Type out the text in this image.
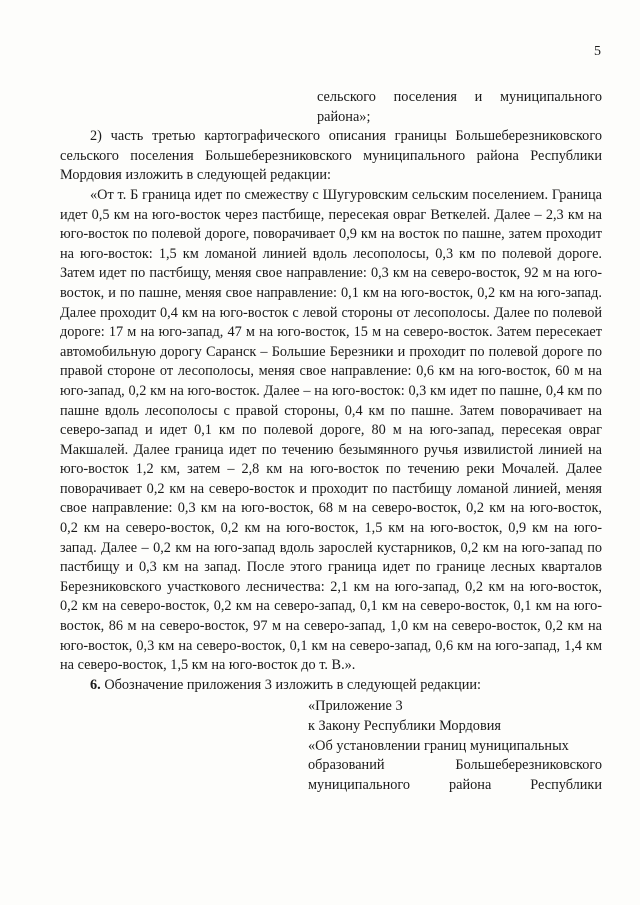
5
сельского поселения и муниципального
района»;
2) часть третью картографического описания границы Большеберезниковского сельского поселения Большеберезниковского муниципального района Республики Мордовия изложить в следующей редакции:
«От т. Б граница идет по смежеству с Шугуровским сельским поселением. Граница идет 0,5 км на юго-восток через пастбище, пересекая овраг Веткелей. Далее – 2,3 км на юго-восток по полевой дороге, поворачивает 0,9 км на восток по пашне, затем проходит на юго-восток: 1,5 км ломаной линией вдоль лесополосы, 0,3 км по полевой дороге. Затем идет по пастбищу, меняя свое направление: 0,3 км на северо-восток, 92 м на юго-восток, и по пашне, меняя свое направление: 0,1 км на юго-восток, 0,2 км на юго-запад. Далее проходит 0,4 км на юго-восток с левой стороны от лесополосы. Далее по полевой дороге: 17 м на юго-запад, 47 м на юго-восток, 15 м на северо-восток. Затем пересекает автомобильную дорогу Саранск – Большие Березники и проходит по полевой дороге по правой стороне от лесополосы, меняя свое направление: 0,6 км на юго-восток, 60 м на юго-запад, 0,2 км на юго-восток. Далее – на юго-восток: 0,3 км идет по пашне, 0,4 км по пашне вдоль лесополосы с правой стороны, 0,4 км по пашне. Затем поворачивает на северо-запад и идет 0,1 км по полевой дороге, 80 м на юго-запад, пересекая овраг Макшалей. Далее граница идет по течению безымянного ручья извилистой линией на юго-восток 1,2 км, затем – 2,8 км на юго-восток по течению реки Мочалей. Далее поворачивает 0,2 км на северо-восток и проходит по пастбищу ломаной линией, меняя свое направление: 0,3 км на юго-восток, 68 м на северо-восток, 0,2 км на юго-восток, 0,2 км на северо-восток, 0,2 км на юго-восток, 1,5 км на юго-восток, 0,9 км на юго-запад. Далее – 0,2 км на юго-запад вдоль зарослей кустарников, 0,2 км на юго-запад по пастбищу и 0,3 км на запад. После этого граница идет по границе лесных кварталов Березниковского участкового лесничества: 2,1 км на юго-запад, 0,2 км на юго-восток, 0,2 км на северо-восток, 0,2 км на северо-запад, 0,1 км на северо-восток, 0,1 км на юго-восток, 86 м на северо-восток, 97 м на северо-запад, 1,0 км на северо-восток, 0,2 км на юго-восток, 0,3 км на северо-восток, 0,1 км на северо-запад, 0,6 км на юго-запад, 1,4 км на северо-восток, 1,5 км на юго-восток до т. В.».
6. Обозначение приложения 3 изложить в следующей редакции:
«Приложение 3
к Закону Республики Мордовия
«Об установлении границ муниципальных
образований Большеберезниковского
муниципального района Республики
